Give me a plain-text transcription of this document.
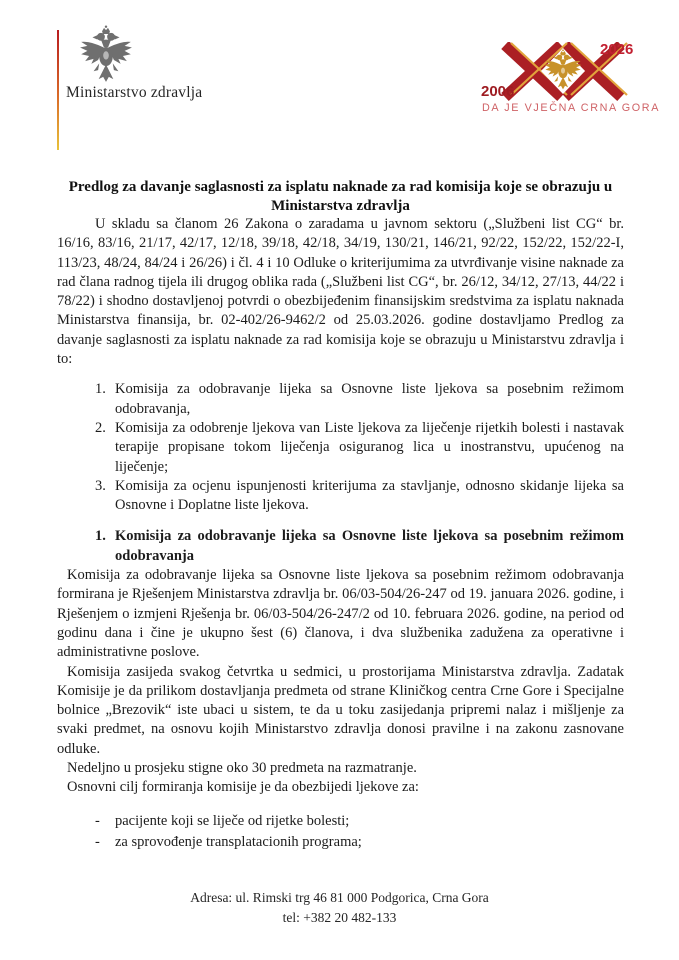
Ministarstvo zdravlja	2006
2026
DA JE VJEČNA CRNA GORA
Predlog za davanje saglasnosti za isplatu naknade za rad komisija koje se obrazuju u
Ministarstva zdravlja

U skladu sa članom 26 Zakona o zaradama u javnom sektoru („Službeni list CG“ br. 16/16, 83/16, 21/17, 42/17, 12/18, 39/18, 42/18, 34/19, 130/21, 146/21, 92/22, 152/22, 152/22-I, 113/23, 48/24, 84/24 i 26/26) i čl. 4 i 10 Odluke o kriterijumima za utvrđivanje visine naknade za rad člana radnog tijela ili drugog oblika rada („Službeni list CG“, br. 26/12, 34/12, 27/13, 44/22 i 78/22) i shodno dostavljenoj potvrdi o obezbijeđenim finansijskim sredstvima za isplatu naknada Ministarstva finansija, br. 02-402/26-9462/2 od 25.03.2026. godine dostavljamo Predlog za davanje saglasnosti za isplatu naknade za rad komisija koje se obrazuju u Ministarstvu zdravlja i to:

1. Komisija za odobravanje lijeka sa Osnovne liste ljekova sa posebnim režimom odobravanja,
2. Komisija za odobrenje ljekova van Liste ljekova za liječenje rijetkih bolesti i nastavak terapije propisane tokom liječenja osiguranog lica u inostranstvu, upućenog na liječenje;
3. Komisija za ocjenu ispunjenosti kriterijuma za stavljanje, odnosno skidanje lijeka sa Osnovne i Doplatne liste ljekova.
1. Komisija za odobravanje lijeka sa Osnovne liste ljekova sa posebnim režimom odobravanja

Komisija za odobravanje lijeka sa Osnovne liste ljekova sa posebnim režimom odobravanja formirana je Rješenjem Ministarstva zdravlja br. 06/03-504/26-247 od 19. januara 2026. godine, i Rješenjem o izmjeni Rješenja br. 06/03-504/26-247/2 od 10. februara 2026. godine, na period od godinu dana i čine je ukupno šest (6) članova, i dva službenika zadužena za operativne i administrativne poslove.

Komisija zasijeda svakog četvrtka u sedmici, u prostorijama Ministarstva zdravlja. Zadatak Komisije je da prilikom dostavljanja predmeta od strane Kliničkog centra Crne Gore i Specijalne bolnice „Brezovik“ iste ubaci u sistem, te da u toku zasijedanja pripremi nalaz i mišljenje za svaki predmet, na osnovu kojih Ministarstvo zdravlja donosi pravilne i na zakonu zasnovane odluke.

Nedeljno u prosjeku stigne oko 30 predmeta na razmatranje.

Osnovni cilj formiranja komisije je da obezbijedi ljekove za:

-	pacijente koji se liječe od rijetke bolesti;
-	za sprovođenje transplatacionih programa;
Adresa: ul. Rimski trg 46 81 000 Podgorica, Crna Gora
tel: +382 20 482-133
